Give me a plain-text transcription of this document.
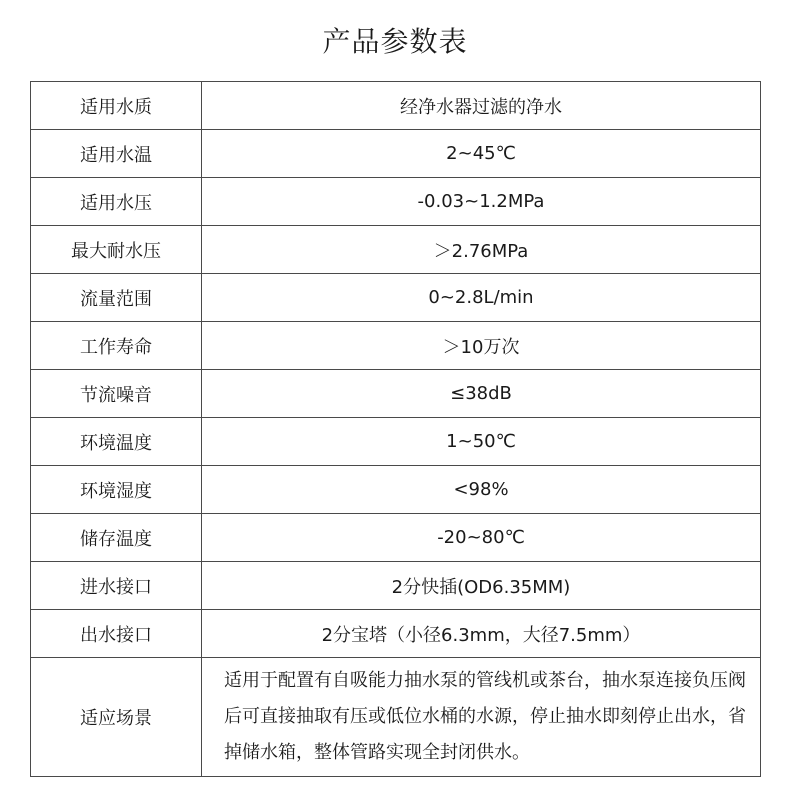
产品参数表
适用水质	经净水器过滤的净水
适用水温	2~45℃
适用水压	-0.03~1.2MPa
最大耐水压	＞2.76MPa
流量范围	0~2.8L/min
工作寿命	＞10万次
节流噪音	≤38dB
环境温度	1~50℃
环境湿度	<98%
储存温度	-20~80℃
进水接口	2分快插(OD6.35MM)
出水接口	2分宝塔（小径6.3mm，大径7.5mm）
适应场景	适用于配置有自吸能力抽水泵的管线机或茶台，抽水泵连接负压阀后可直接抽取有压或低位水桶的水源，停止抽水即刻停止出水，省掉储水箱，整体管路实现全封闭供水。
